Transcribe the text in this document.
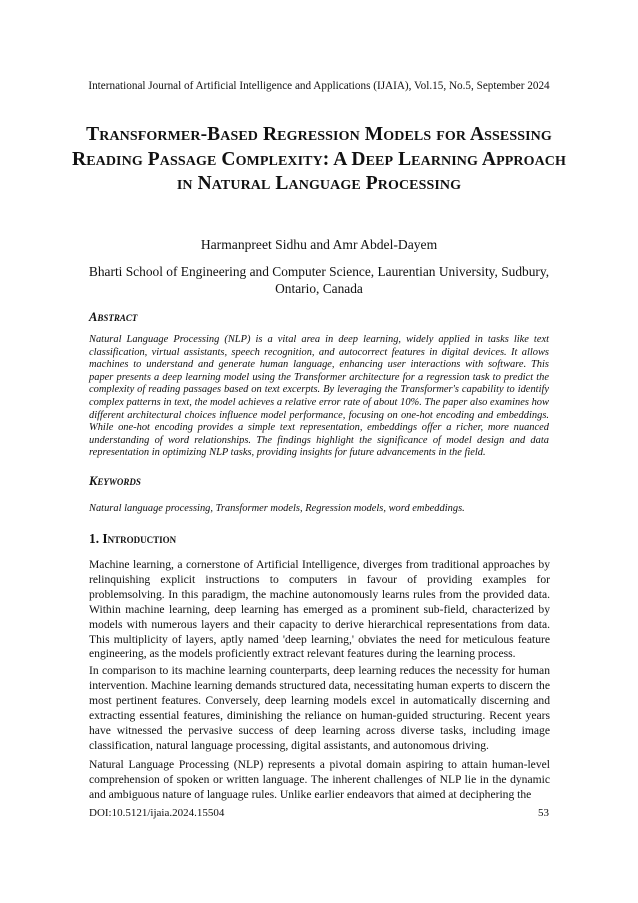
International Journal of Artificial Intelligence and Applications (IJAIA), Vol.15, No.5, September 2024
Transformer-Based Regression Models for Assessing Reading Passage Complexity: A Deep Learning Approach in Natural Language Processing
Harmanpreet Sidhu and Amr Abdel-Dayem
Bharti School of Engineering and Computer Science, Laurentian University, Sudbury, Ontario, Canada
Abstract
Natural Language Processing (NLP) is a vital area in deep learning, widely applied in tasks like text classification, virtual assistants, speech recognition, and autocorrect features in digital devices. It allows machines to understand and generate human language, enhancing user interactions with software. This paper presents a deep learning model using the Transformer architecture for a regression task to predict the complexity of reading passages based on text excerpts. By leveraging the Transformer's capability to identify complex patterns in text, the model achieves a relative error rate of about 10%. The paper also examines how different architectural choices influence model performance, focusing on one-hot encoding and embeddings. While one-hot encoding provides a simple text representation, embeddings offer a richer, more nuanced understanding of word relationships. The findings highlight the significance of model design and data representation in optimizing NLP tasks, providing insights for future advancements in the field.
Keywords
Natural language processing, Transformer models, Regression models, word embeddings.
1. Introduction
Machine learning, a cornerstone of Artificial Intelligence, diverges from traditional approaches by relinquishing explicit instructions to computers in favour of providing examples for problemsolving. In this paradigm, the machine autonomously learns rules from the provided data. Within machine learning, deep learning has emerged as a prominent sub-field, characterized by models with numerous layers and their capacity to derive hierarchical representations from data. This multiplicity of layers, aptly named 'deep learning,' obviates the need for meticulous feature engineering, as the models proficiently extract relevant features during the learning process.
In comparison to its machine learning counterparts, deep learning reduces the necessity for human intervention. Machine learning demands structured data, necessitating human experts to discern the most pertinent features. Conversely, deep learning models excel in automatically discerning and extracting essential features, diminishing the reliance on human-guided structuring. Recent years have witnessed the pervasive success of deep learning across diverse tasks, including image classification, natural language processing, digital assistants, and autonomous driving.
Natural Language Processing (NLP) represents a pivotal domain aspiring to attain human-level comprehension of spoken or written language. The inherent challenges of NLP lie in the dynamic and ambiguous nature of language rules. Unlike earlier endeavors that aimed at deciphering the
DOI:10.5121/ijaia.2024.15504	53
